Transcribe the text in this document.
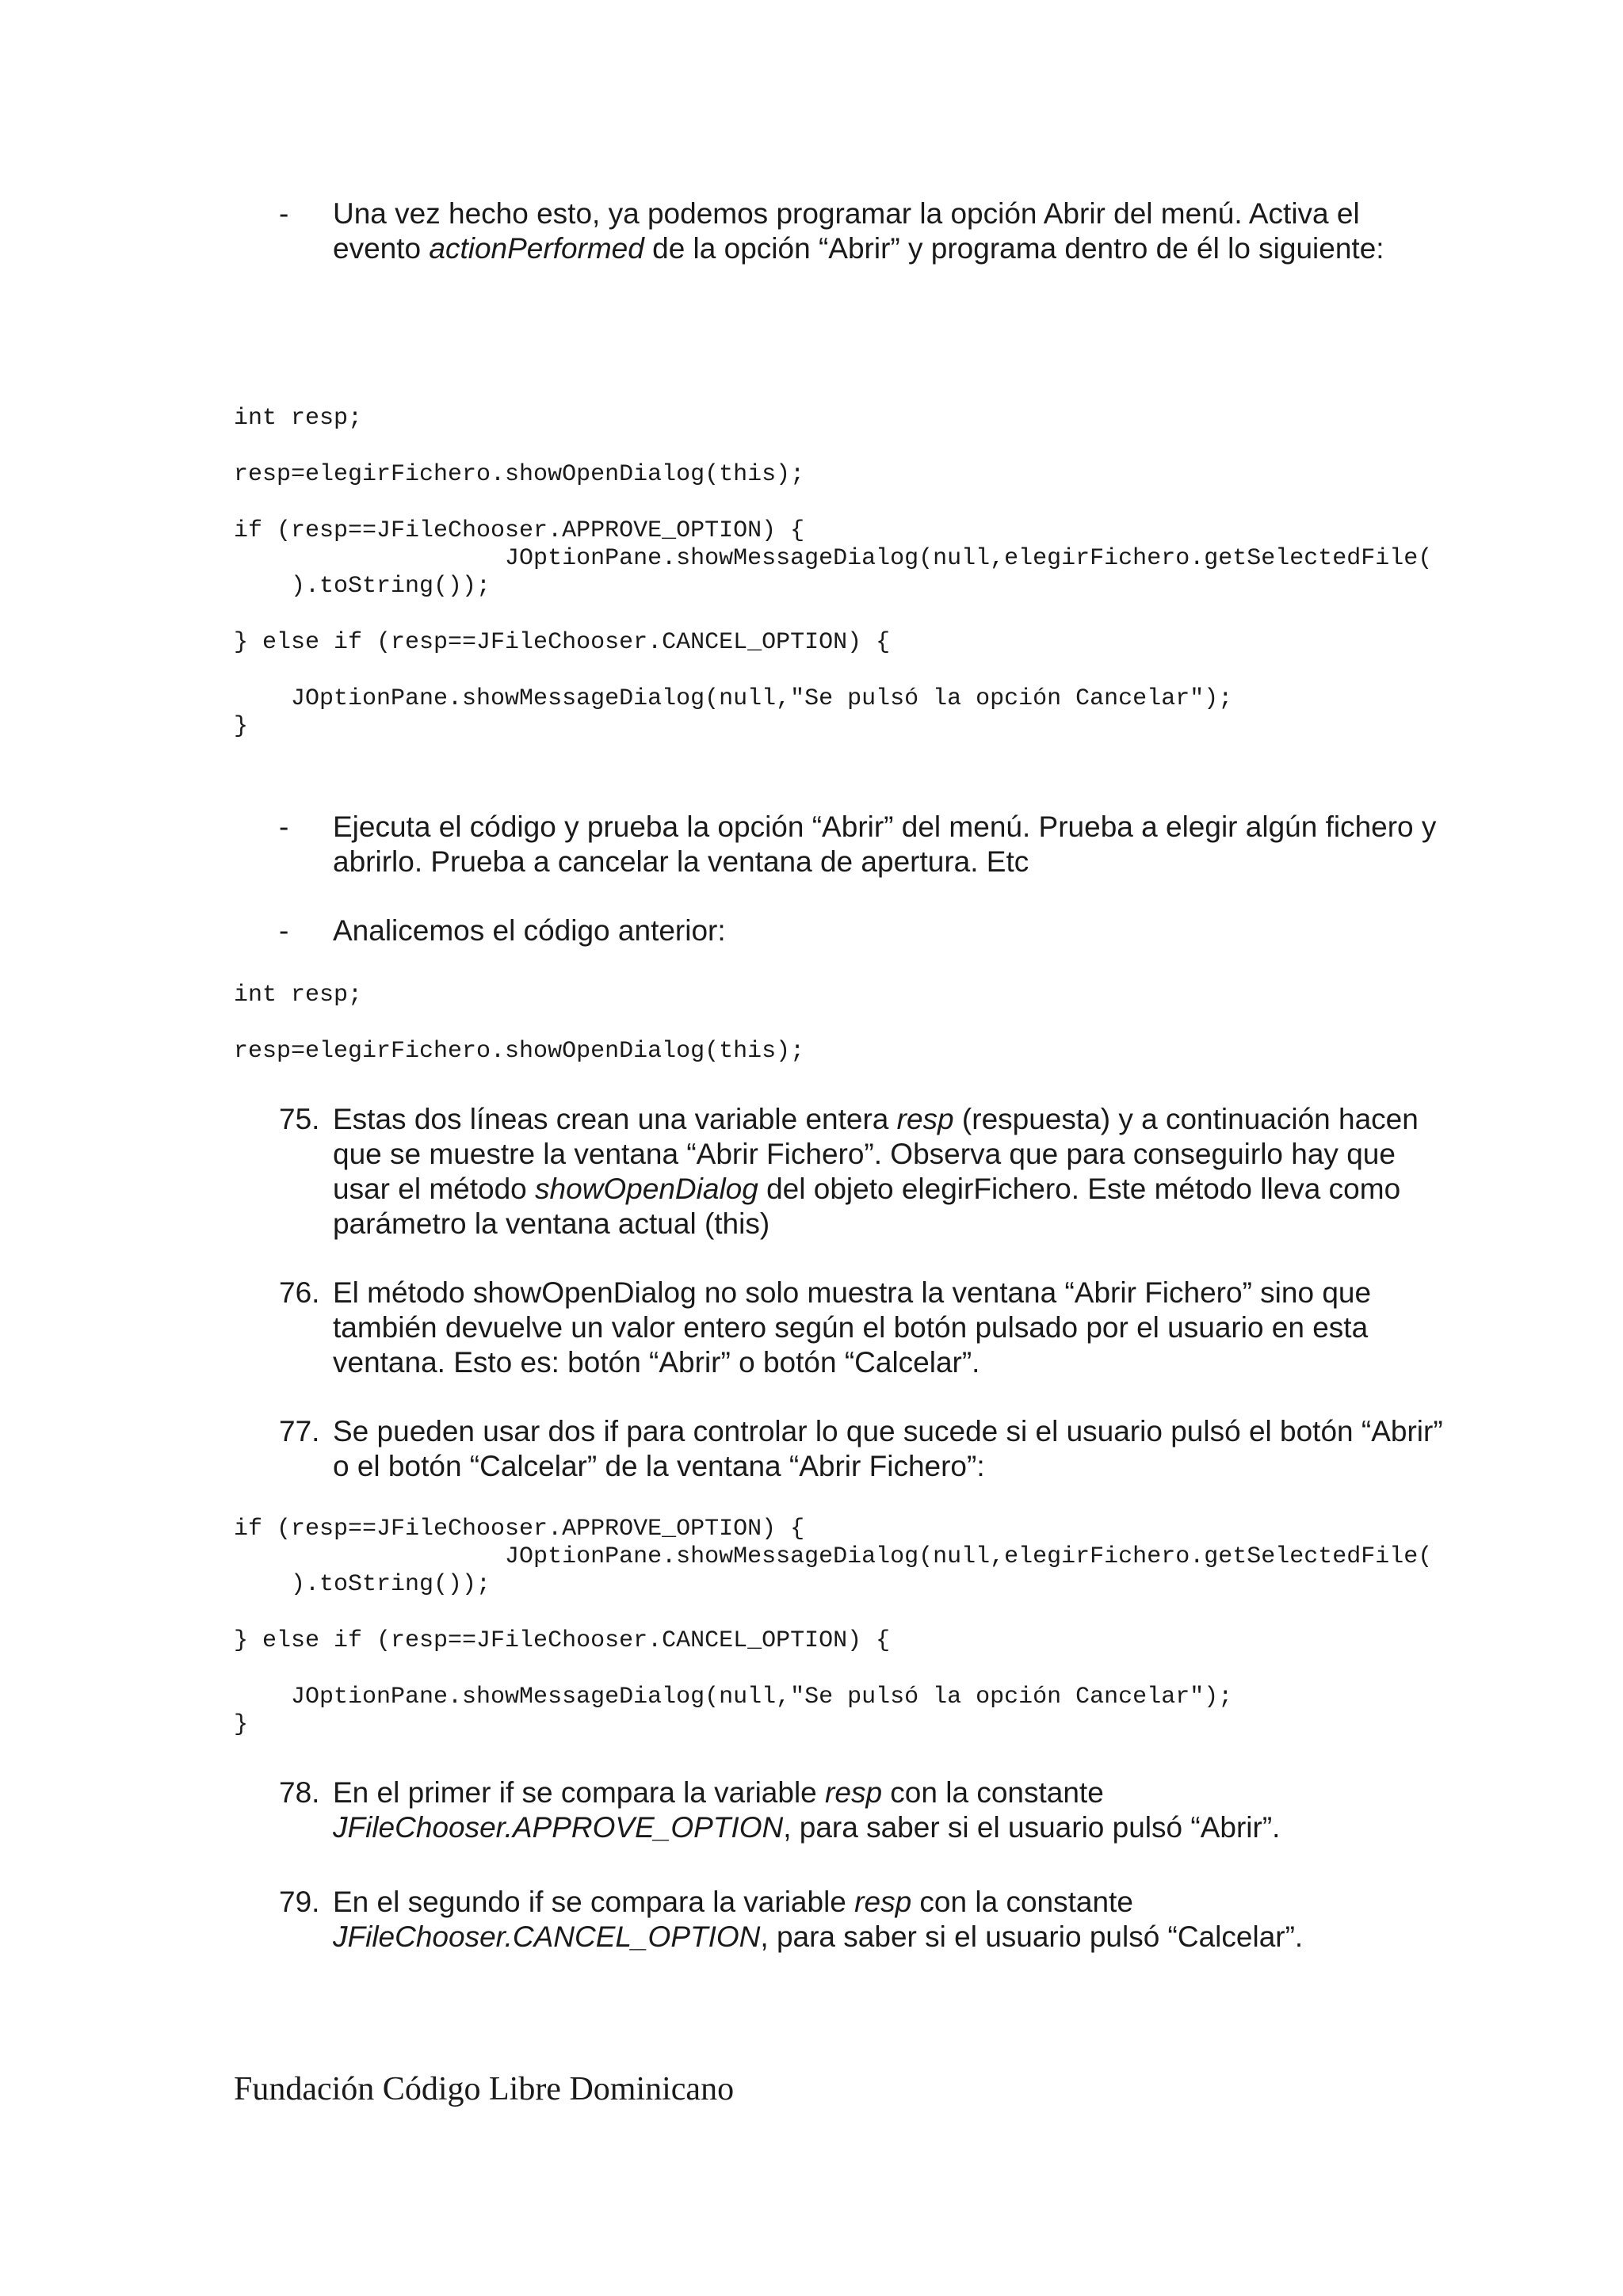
- Una vez hecho esto, ya podemos programar la opción Abrir del menú. Activa el
evento actionPerformed de la opción “Abrir” y programa dentro de él lo siguiente:
int resp;
resp=elegirFichero.showOpenDialog(this);
if (resp==JFileChooser.APPROVE_OPTION) {
JOptionPane.showMessageDialog(null,elegirFichero.getSelectedFile(
).toString());
} else if (resp==JFileChooser.CANCEL_OPTION) {
JOptionPane.showMessageDialog(null,"Se pulsó la opción Cancelar");
}
- Ejecuta el código y prueba la opción “Abrir” del menú. Prueba a elegir algún fichero y
abrirlo. Prueba a cancelar la ventana de apertura. Etc
- Analicemos el código anterior:
int resp;
resp=elegirFichero.showOpenDialog(this);
75. Estas dos líneas crean una variable entera resp (respuesta) y a continuación hacen
que se muestre la ventana “Abrir Fichero”. Observa que para conseguirlo hay que
usar el método showOpenDialog del objeto elegirFichero. Este método lleva como
parámetro la ventana actual (this)
76. El método showOpenDialog no solo muestra la ventana “Abrir Fichero” sino que
también devuelve un valor entero según el botón pulsado por el usuario en esta
ventana. Esto es: botón “Abrir” o botón “Calcelar”.
77. Se pueden usar dos if para controlar lo que sucede si el usuario pulsó el botón “Abrir”
o el botón “Calcelar” de la ventana “Abrir Fichero”:
if (resp==JFileChooser.APPROVE_OPTION) {
JOptionPane.showMessageDialog(null,elegirFichero.getSelectedFile(
).toString());
} else if (resp==JFileChooser.CANCEL_OPTION) {
JOptionPane.showMessageDialog(null,"Se pulsó la opción Cancelar");
}
78. En el primer if se compara la variable resp con la constante
JFileChooser.APPROVE_OPTION, para saber si el usuario pulsó “Abrir”.
79. En el segundo if se compara la variable resp con la constante
JFileChooser.CANCEL_OPTION, para saber si el usuario pulsó “Calcelar”.
Fundación Código Libre Dominicano
